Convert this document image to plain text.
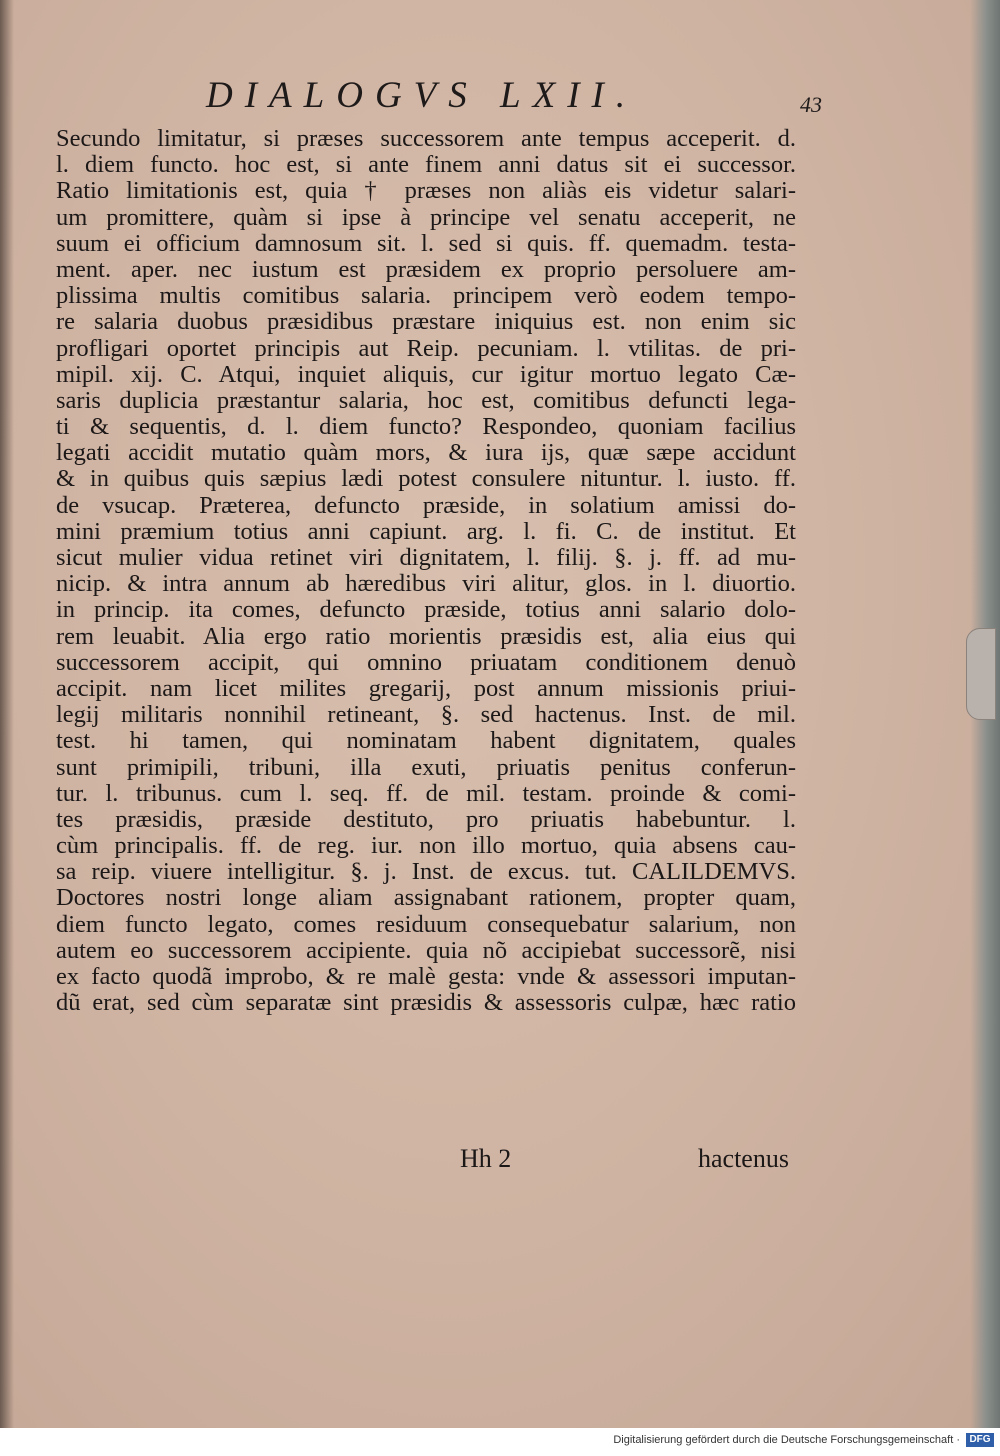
DIALOGVS LXII.	43
Secundo limitatur, si præses successorem ante tempus acceperit. d.
l. diem functo. hoc est, si ante finem anni datus sit ei successor.
Ratio limitationis est, quia † præses non aliàs eis videtur salari-
um promittere, quàm si ipse à principe vel senatu acceperit, ne
suum ei officium damnosum sit. l. sed si quis. ff. quemadm. testa-
ment. aper. nec iustum est præsidem ex proprio persoluere am-
plissima multis comitibus salaria. principem verò eodem tempo-
re salaria duobus præsidibus præstare iniquius est. non enim sic
profligari oportet principis aut Reip. pecuniam. l. vtilitas. de pri-
mipil. xij. C. Atqui, inquiet aliquis, cur igitur mortuo legato Cæ-
saris duplicia præstantur salaria, hoc est, comitibus defuncti lega-
ti & sequentis, d. l. diem functo? Respondeo, quoniam facilius
legati accidit mutatio quàm mors, & iura ijs, quæ sæpe accidunt
& in quibus quis sæpius lædi potest consulere nituntur. l. iusto. ff.
de vsucap. Præterea, defuncto præside, in solatium amissi do-
mini præmium totius anni capiunt. arg. l. fi. C. de institut. Et
sicut mulier vidua retinet viri dignitatem, l. filij. §. j. ff. ad mu-
nicip. & intra annum ab hæredibus viri alitur, glos. in l. diuortio.
in princip. ita comes, defuncto præside, totius anni salario dolo-
rem leuabit. Alia ergo ratio morientis præsidis est, alia eius qui
successorem accipit, qui omnino priuatam conditionem denuò
accipit. nam licet milites gregarij, post annum missionis priui-
legij militaris nonnihil retineant, §. sed hactenus. Inst. de mil.
test. hi tamen, qui nominatam habent dignitatem, quales
sunt primipili, tribuni, illa exuti, priuatis penitus conferun-
tur. l. tribunus. cum l. seq. ff. de mil. testam. proinde & comi-
tes præsidis, præside destituto, pro priuatis habebuntur. l.
cùm principalis. ff. de reg. iur. non illo mortuo, quia absens cau-
sa reip. viuere intelligitur. §. j. Inst. de excus. tut. CALILDEMVS.
Doctores nostri longe aliam assignabant rationem, propter quam,
diem functo legato, comes residuum consequebatur salarium, non
autem eo successorem accipiente. quia nõ accipiebat successorẽ, nisi
ex facto quodã improbo, & re malè gesta: vnde & assessori imputan-
dũ erat, sed cùm separatæ sint præsidis & assessoris culpæ, hæc ratio
Hh 2	hactenus
Digitalisierung gefördert durch die Deutsche Forschungsgemeinschaft · DFG
